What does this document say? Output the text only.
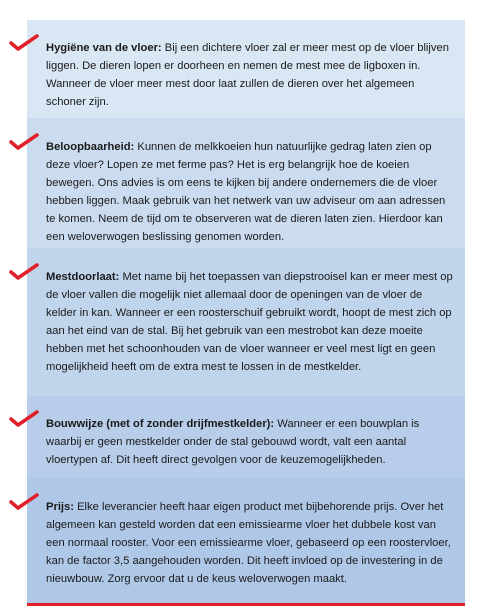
Hygiëne van de vloer: Bij een dichtere vloer zal er meer mest op de vloer blijven liggen. De dieren lopen er doorheen en nemen de mest mee de ligboxen in. Wanneer de vloer meer mest door laat zullen de dieren over het algemeen schoner zijn.

Beloopbaarheid: Kunnen de melkkoeien hun natuurlijke gedrag laten zien op deze vloer? Lopen ze met ferme pas? Het is erg belangrijk hoe de koeien bewegen. Ons advies is om eens te kijken bij andere ondernemers die de vloer hebben liggen. Maak gebruik van het netwerk van uw adviseur om aan adressen te komen. Neem de tijd om te observeren wat de dieren laten zien. Hierdoor kan een weloverwogen beslissing genomen worden.

Mestdoorlaat: Met name bij het toepassen van diepstrooisel kan er meer mest op de vloer vallen die mogelijk niet allemaal door de openingen van de vloer de kelder in kan. Wanneer er een roosterschuif gebruikt wordt, hoopt de mest zich op aan het eind van de stal. Bij het gebruik van een mestrobot kan deze moeite hebben met het schoonhouden van de vloer wanneer er veel mest ligt en geen mogelijkheid heeft om de extra mest te lossen in de mestkelder.

Bouwwijze (met of zonder drijfmestkelder): Wanneer er een bouwplan is waarbij er geen mestkelder onder de stal gebouwd wordt, valt een aantal vloertypen af. Dit heeft direct gevolgen voor de keuzemogelijkheden.

Prijs: Elke leverancier heeft haar eigen product met bijbehorende prijs. Over het algemeen kan gesteld worden dat een emissiearme vloer het dubbele kost van een normaal rooster. Voor een emissiearme vloer, gebaseerd op een roostervloer, kan de factor 3,5 aangehouden worden. Dit heeft invloed op de investering in de nieuwbouw. Zorg ervoor dat u de keus weloverwogen maakt.
